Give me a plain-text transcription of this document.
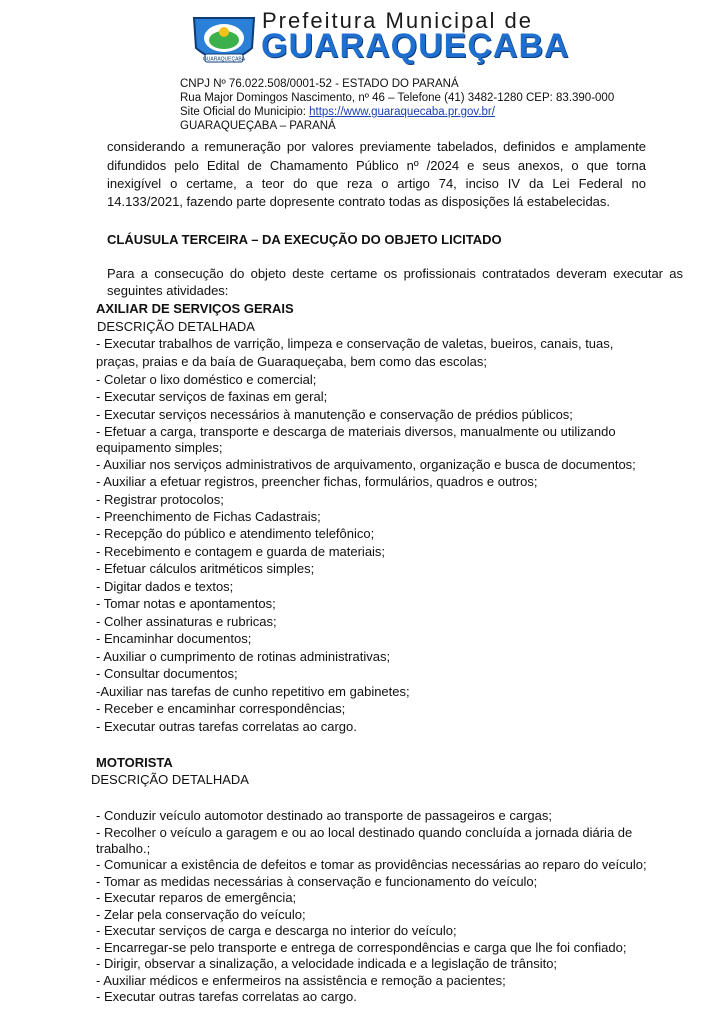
GUARAQUEÇABA
Prefeitura Municipal de
GUARAQUEÇABA
CNPJ Nº 76.022.508/0001-52 - ESTADO DO PARANÁ
Rua Major Domingos Nascimento, nº 46 – Telefone (41) 3482-1280 CEP: 83.390-000
Site Oficial do Municipio: https://www.guaraquecaba.pr.gov.br/
GUARAQUEÇABA – PARANÁ
considerando a remuneração por valores previamente tabelados, definidos e amplamente
difundidos pelo Edital de Chamamento Público nº /2024 e seus anexos, o que torna
inexigível o certame, a teor do que reza o artigo 74, inciso IV da Lei Federal no
14.133/2021, fazendo parte dopresente contrato todas as disposições lá estabelecidas.
CLÁUSULA TERCEIRA – DA EXECUÇÃO DO OBJETO LICITADO
Para a consecução do objeto deste certame os profissionais contratados deveram executar as
seguintes atividades:
AXILIAR DE SERVIÇOS GERAIS
DESCRIÇÃO DETALHADA
- Executar trabalhos de varrição, limpeza e conservação de valetas, bueiros, canais, tuas,
praças, praias e da baía de Guaraqueçaba, bem como das escolas;
- Coletar o lixo doméstico e comercial;
- Executar serviços de faxinas em geral;
- Executar serviços necessários à manutenção e conservação de prédios públicos;
- Efetuar a carga, transporte e descarga de materiais diversos, manualmente ou utilizando
equipamento simples;
- Auxiliar nos serviços administrativos de arquivamento, organização e busca de documentos;
- Auxiliar a efetuar registros, preencher fichas, formulários, quadros e outros;
- Registrar protocolos;
- Preenchimento de Fichas Cadastrais;
- Recepção do público e atendimento telefônico;
- Recebimento e contagem e guarda de materiais;
- Efetuar cálculos aritméticos simples;
- Digitar dados e textos;
- Tomar notas e apontamentos;
- Colher assinaturas e rubricas;
- Encaminhar documentos;
- Auxiliar o cumprimento de rotinas administrativas;
- Consultar documentos;
-Auxiliar nas tarefas de cunho repetitivo em gabinetes;
- Receber e encaminhar correspondências;
- Executar outras tarefas correlatas ao cargo.
MOTORISTA
DESCRIÇÃO DETALHADA
- Conduzir veículo automotor destinado ao transporte de passageiros e cargas;
- Recolher o veículo a garagem e ou ao local destinado quando concluída a jornada diária de
trabalho.;
- Comunicar a existência de defeitos e tomar as providências necessárias ao reparo do veículo;
- Tomar as medidas necessárias à conservação e funcionamento do veículo;
- Executar reparos de emergência;
- Zelar pela conservação do veículo;
- Executar serviços de carga e descarga no interior do veículo;
- Encarregar-se pelo transporte e entrega de correspondências e carga que lhe foi confiado;
- Dirigir, observar a sinalização, a velocidade indicada e a legislação de trânsito;
- Auxiliar médicos e enfermeiros na assistência e remoção a pacientes;
- Executar outras tarefas correlatas ao cargo.
